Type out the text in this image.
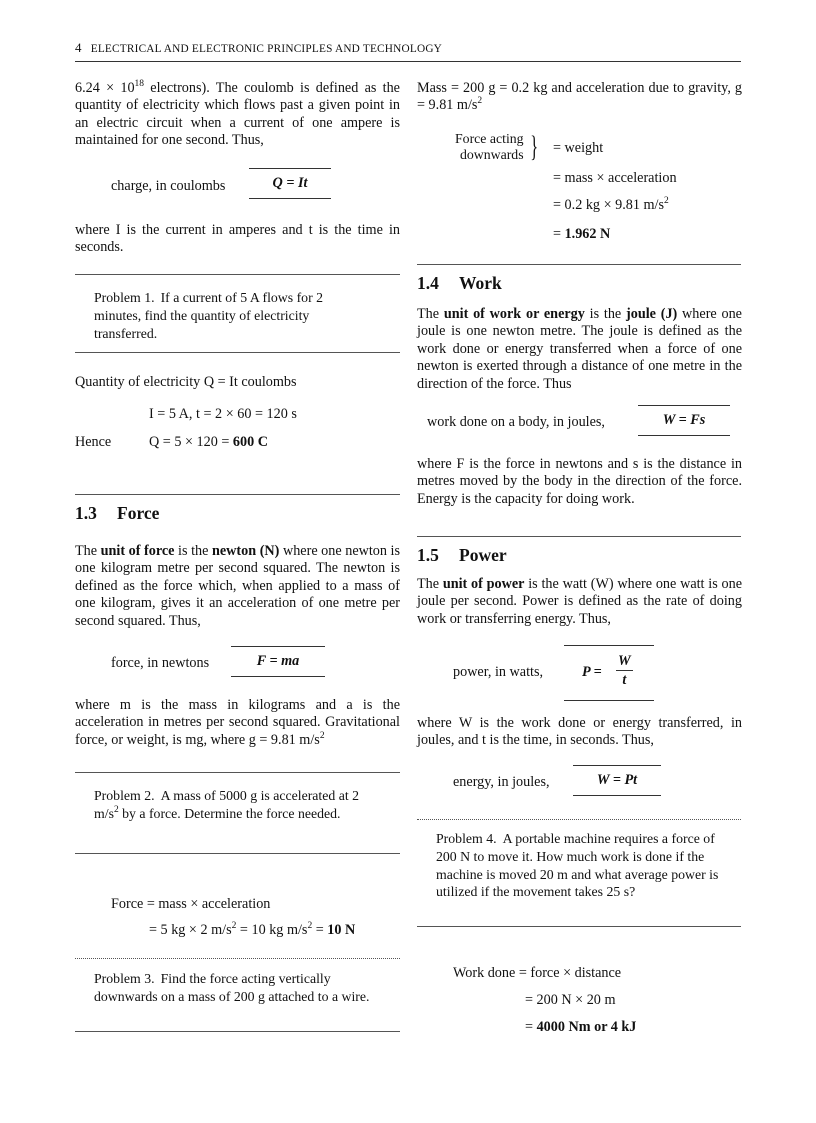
4 ELECTRICAL AND ELECTRONIC PRINCIPLES AND TECHNOLOGY
$6.24 \times 10^{18}$ electrons). The coulomb is defined as the quantity of electricity which flows past a given point in an electric circuit when a current of one ampere is maintained for one second. Thus,
charge, in coulombs	Q = It
where I is the current in amperes and t is the time in seconds.
Problem 1. If a current of 5 A flows for 2 minutes, find the quantity of electricity transferred.
Quantity of electricity Q = It coulombs
I = 5 A, t = 2 × 60 = 120 s
Hence	Q = 5 × 120 = 600 C
1.3 Force
The unit of force is the newton (N) where one newton is one kilogram metre per second squared. The newton is defined as the force which, when applied to a mass of one kilogram, gives it an acceleration of one metre per second squared. Thus,
force, in newtons	F = ma
where m is the mass in kilograms and a is the acceleration in metres per second squared. Gravitational force, or weight, is mg, where g = 9.81 $m/s^2$
Problem 2. A mass of 5000 g is accelerated at 2 $m/s^2$ by a force. Determine the force needed.
Force = mass × acceleration
= 5 kg × 2 $m/s^2 = 10$ kg $m/s^2 = 10$ N
Problem 3. Find the force acting vertically downwards on a mass of 200 g attached to a wire.
Mass = 200 g = 0.2 kg and acceleration due to gravity, g = 9.81 $m/s^2$
Force acting
downwards } = weight
= mass × acceleration
= 0.2 kg × 9.81 $m/s^2$
= 1.962 N
1.4 Work
The unit of work or energy is the joule (J) where one joule is one newton metre. The joule is defined as the work done or energy transferred when a force of one newton is exerted through a distance of one metre in the direction of the force. Thus
work done on a body, in joules,	W = Fs
where F is the force in newtons and s is the distance in metres moved by the body in the direction of the force. Energy is the capacity for doing work.
1.5 Power
The unit of power is the watt (W) where one watt is one joule per second. Power is defined as the rate of doing work or transferring energy. Thus,
power, in watts,	$P = \frac{W}{t}$
where W is the work done or energy transferred, in joules, and t is the time, in seconds. Thus,
energy, in joules,	W = Pt
Problem 4. A portable machine requires a force of 200 N to move it. How much work is done if the machine is moved 20 m and what average power is utilized if the movement takes 25 s?
Work done = force × distance
= 200 N × 20 m
= 4000 Nm or 4 kJ
